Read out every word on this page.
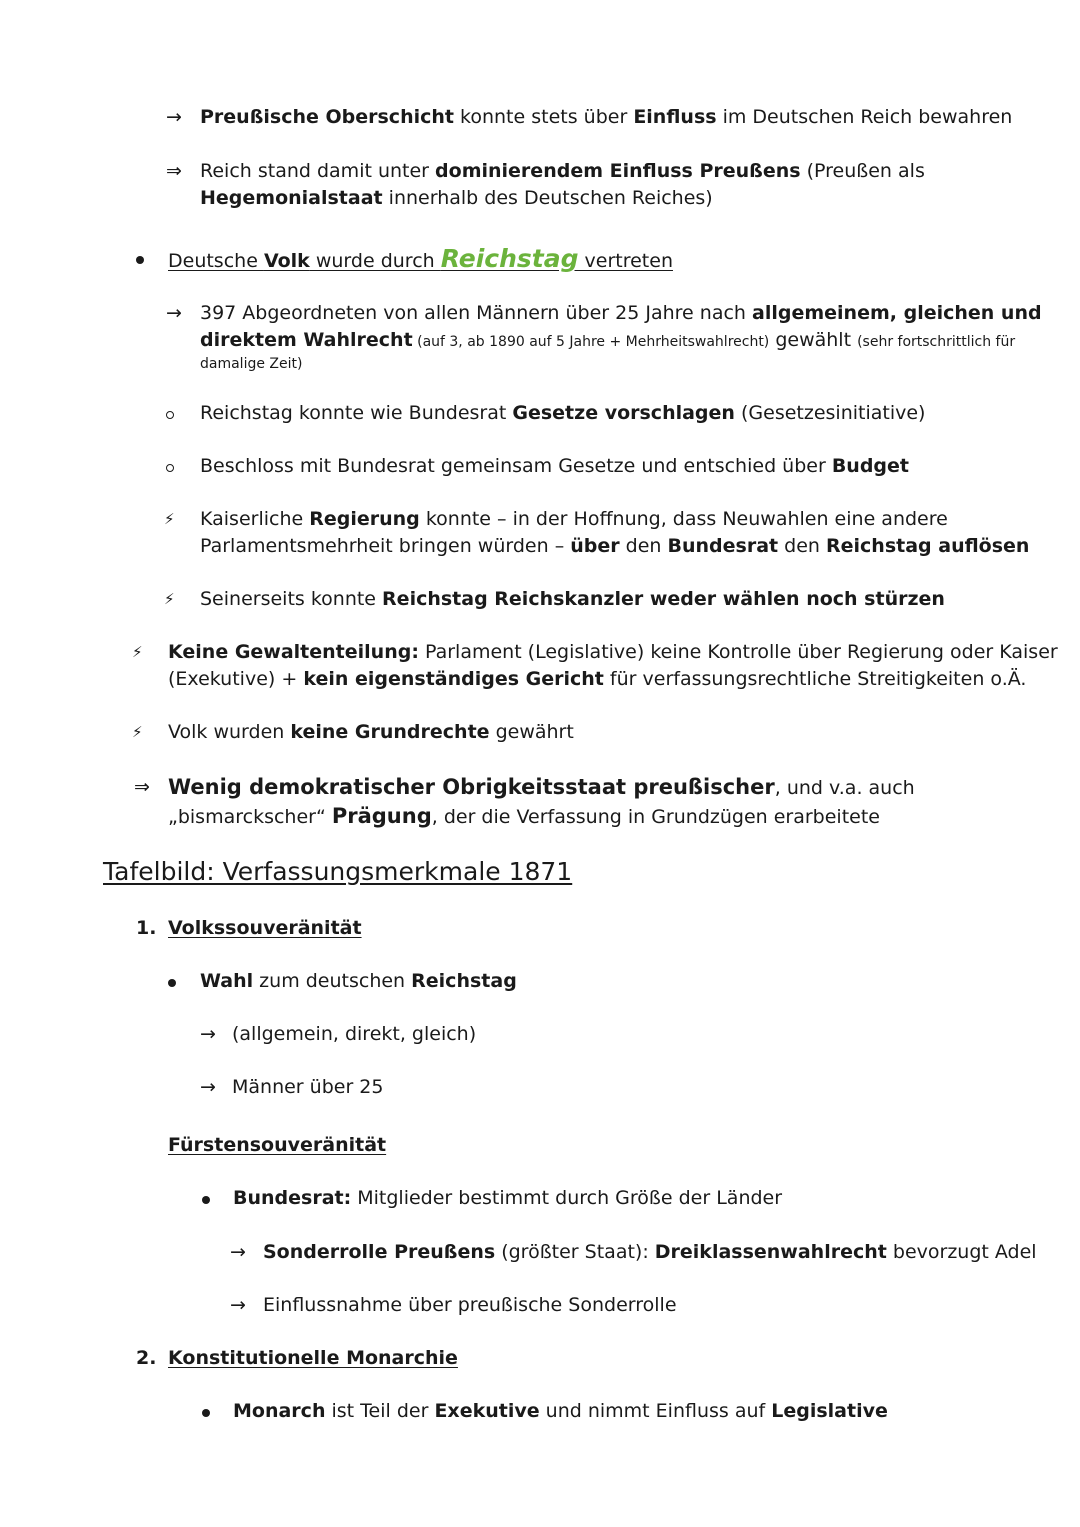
→ Preußische Oberschicht konnte stets über Einfluss im Deutschen Reich bewahren
⇒ Reich stand damit unter dominierendem Einfluss Preußens (Preußen als
Hegemonialstaat innerhalb des Deutschen Reiches)
Deutsche Volk wurde durch Reichstag vertreten
→ 397 Abgeordneten von allen Männern über 25 Jahre nach allgemeinem, gleichen und
direktem Wahlrecht (auf 3, ab 1890 auf 5 Jahre + Mehrheitswahlrecht) gewählt (sehr fortschrittlich für
damalige Zeit)
Reichstag konnte wie Bundesrat Gesetze vorschlagen (Gesetzesinitiative)
Beschloss mit Bundesrat gemeinsam Gesetze und entschied über Budget
⚡ Kaiserliche Regierung konnte – in der Hoffnung, dass Neuwahlen eine andere
Parlamentsmehrheit bringen würden – über den Bundesrat den Reichstag auflösen
⚡ Seinerseits konnte Reichstag Reichskanzler weder wählen noch stürzen
⚡ Keine Gewaltenteilung: Parlament (Legislative) keine Kontrolle über Regierung oder Kaiser
(Exekutive) + kein eigenständiges Gericht für verfassungsrechtliche Streitigkeiten o.Ä.
⚡ Volk wurden keine Grundrechte gewährt
⇒ Wenig demokratischer Obrigkeitsstaat preußischer, und v.a. auch
„bismarckscher“ Prägung, der die Verfassung in Grundzügen erarbeitete
Tafelbild: Verfassungsmerkmale 1871
1. Volkssouveränität
Wahl zum deutschen Reichstag
→ (allgemein, direkt, gleich)
→ Männer über 25
Fürstensouveränität
Bundesrat: Mitglieder bestimmt durch Größe der Länder
→ Sonderrolle Preußens (größter Staat): Dreiklassenwahlrecht bevorzugt Adel
→ Einflussnahme über preußische Sonderrolle
2. Konstitutionelle Monarchie
Monarch ist Teil der Exekutive und nimmt Einfluss auf Legislative
